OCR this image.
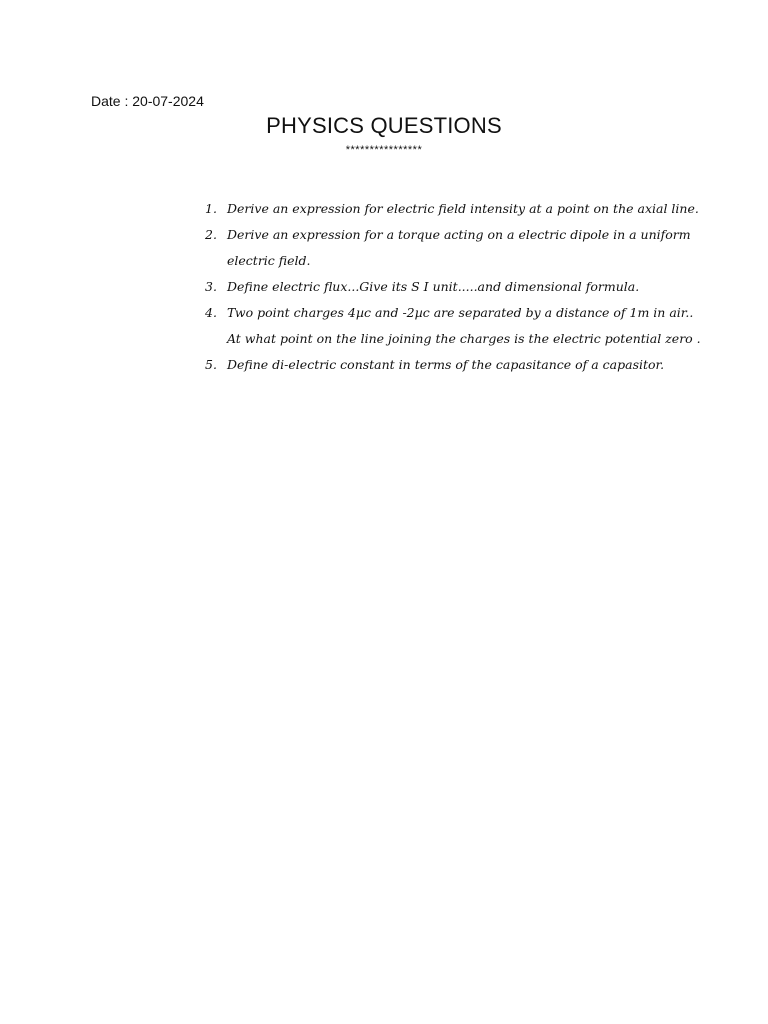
Date : 20-07-2024
PHYSICS QUESTIONS
****************
1. Derive an expression for electric field intensity at a point on the axial line.
2. Derive an expression for a torque acting on a electric dipole in a uniform
electric field.
3. Define electric flux...Give its S I unit.....and dimensional formula.
4. Two point charges 4µc and -2µc are separated by a distance of 1m in air..
At what point on the line joining the charges is the electric potential zero .
5. Define di-electric constant in terms of the capasitance of a capasitor.
